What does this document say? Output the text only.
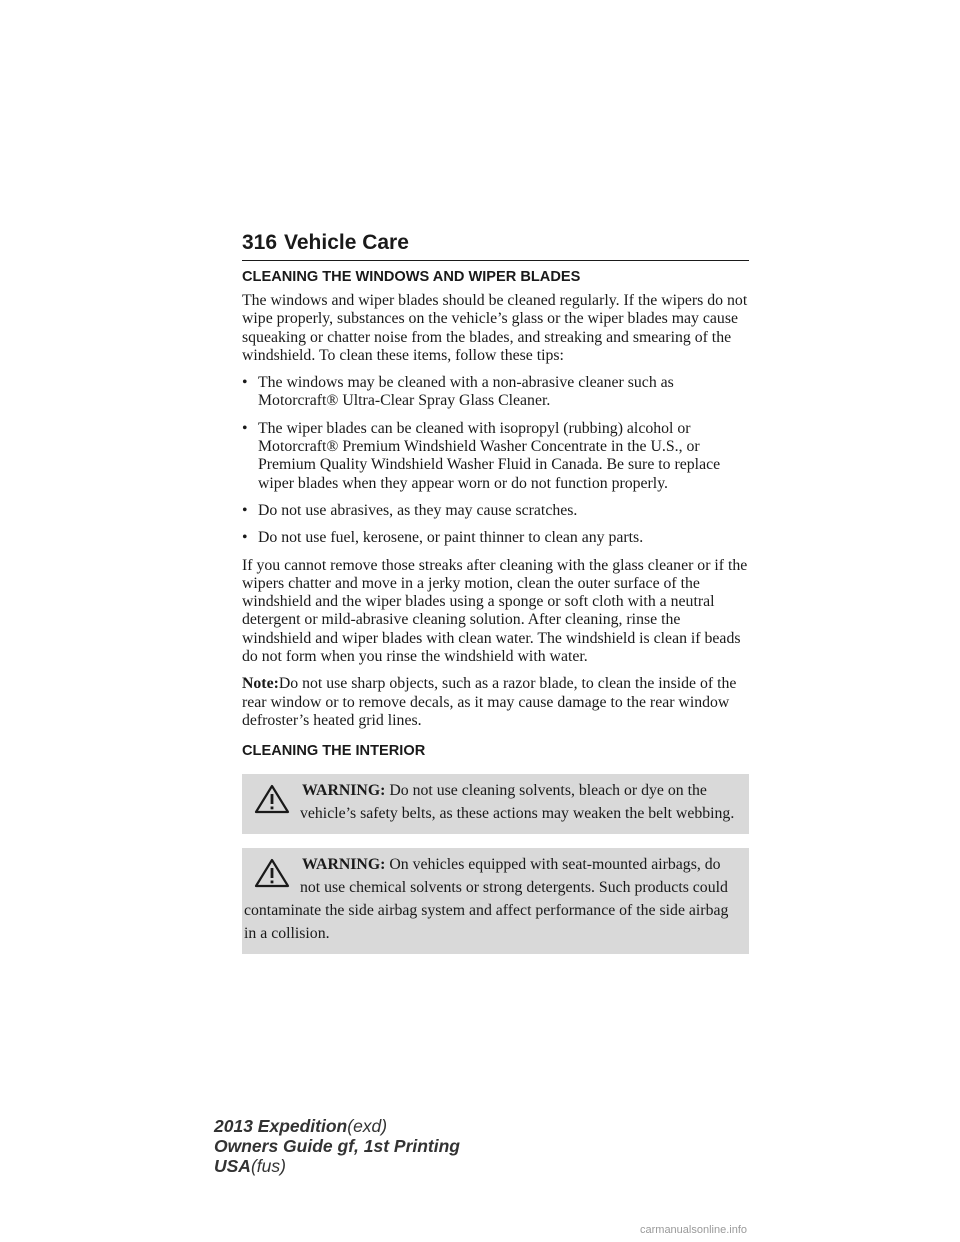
316 Vehicle Care
CLEANING THE WINDOWS AND WIPER BLADES

The windows and wiper blades should be cleaned regularly. If the wipers do not wipe properly, substances on the vehicle’s glass or the wiper blades may cause squeaking or chatter noise from the blades, and streaking and smearing of the windshield. To clean these items, follow these tips:

• The windows may be cleaned with a non-abrasive cleaner such as Motorcraft® Ultra-Clear Spray Glass Cleaner.
• The wiper blades can be cleaned with isopropyl (rubbing) alcohol or Motorcraft® Premium Windshield Washer Concentrate in the U.S., or Premium Quality Windshield Washer Fluid in Canada. Be sure to replace wiper blades when they appear worn or do not function properly.
• Do not use abrasives, as they may cause scratches.
• Do not use fuel, kerosene, or paint thinner to clean any parts.

If you cannot remove those streaks after cleaning with the glass cleaner or if the wipers chatter and move in a jerky motion, clean the outer surface of the windshield and the wiper blades using a sponge or soft cloth with a neutral detergent or mild-abrasive cleaning solution. After cleaning, rinse the windshield and wiper blades with clean water. The windshield is clean if beads do not form when you rinse the windshield with water.

Note:Do not use sharp objects, such as a razor blade, to clean the inside of the rear window or to remove decals, as it may cause damage to the rear window defroster’s heated grid lines.

CLEANING THE INTERIOR
WARNING: Do not use cleaning solvents, bleach or dye on the vehicle’s safety belts, as these actions may weaken the belt webbing.
WARNING: On vehicles equipped with seat-mounted airbags, do not use chemical solvents or strong detergents. Such products could contaminate the side airbag system and affect performance of the side airbag in a collision.
2013 Expedition(exd)
Owners Guide gf, 1st Printing
USA(fus)
carmanualsonline.info
